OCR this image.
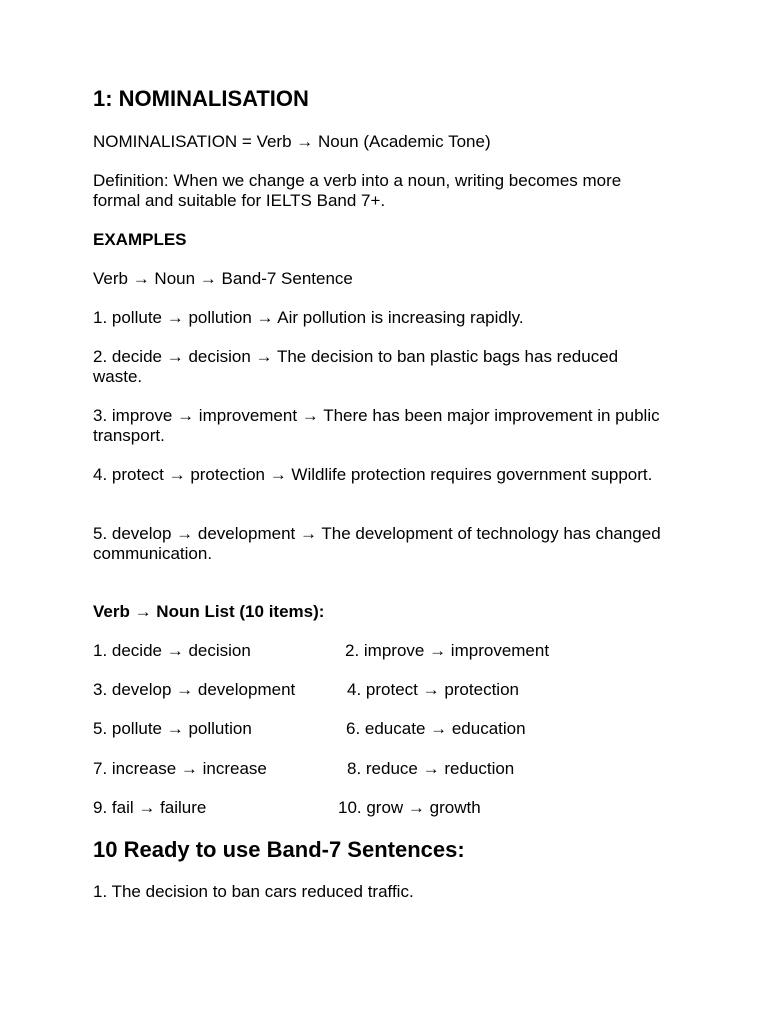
1: NOMINALISATION

NOMINALISATION = Verb → Noun (Academic Tone)

Definition: When we change a verb into a noun, writing becomes more formal and suitable for IELTS Band 7+.

EXAMPLES

Verb → Noun → Band-7 Sentence

1. pollute → pollution → Air pollution is increasing rapidly.

2. decide → decision → The decision to ban plastic bags has reduced waste.

3. improve → improvement → There has been major improvement in public transport.

4. protect → protection → Wildlife protection requires government support.

5. develop → development → The development of technology has changed communication.

Verb → Noun List (10 items):

1. decide → decision	2. improve → improvement
3. develop → development	4. protect → protection
5. pollute → pollution	6. educate → education
7. increase → increase	8. reduce → reduction
9. fail → failure	10. grow → growth
10 Ready to use Band-7 Sentences:

1. The decision to ban cars reduced traffic.
